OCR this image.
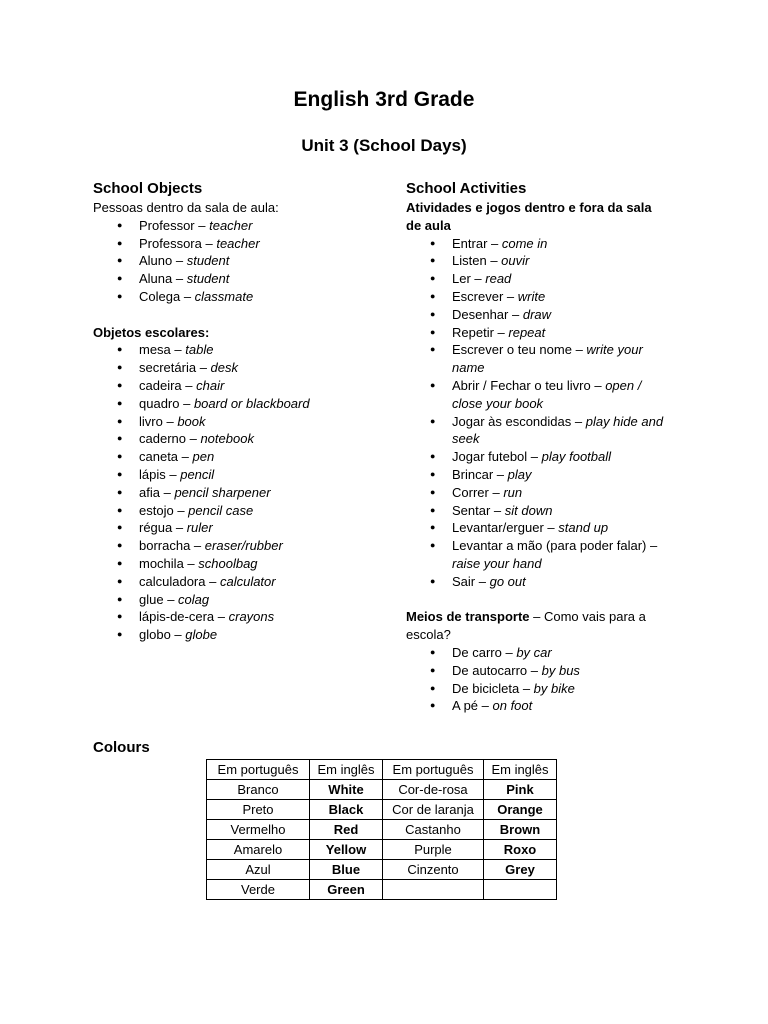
English 3rd Grade
Unit 3 (School Days)
School Objects

Pessoas dentro da sala de aula:

● Professor – teacher
● Professora – teacher
● Aluno – student
● Aluna – student
● Colega – classmate

Objetos escolares:

● mesa – table
● secretária – desk
● cadeira – chair
● quadro – board or blackboard
● livro – book
● caderno – notebook
● caneta – pen
● lápis – pencil
● afia – pencil sharpener
● estojo – pencil case
● régua – ruler
● borracha – eraser/rubber
● mochila – schoolbag
● calculadora – calculator
● glue – colag
● lápis-de-cera – crayons
● globo – globe
School Activities

Atividades e jogos dentro e fora da sala de aula

● Entrar – come in
● Listen – ouvir
● Ler – read
● Escrever – write
● Desenhar – draw
● Repetir – repeat
● Escrever o teu nome – write your name
● Abrir / Fechar o teu livro – open / close your book
● Jogar às escondidas – play hide and seek
● Jogar futebol – play football
● Brincar – play
● Correr – run
● Sentar – sit down
● Levantar/erguer – stand up
● Levantar a mão (para poder falar) – raise your hand
● Sair – go out

Meios de transporte – Como vais para a escola?

● De carro – by car
● De autocarro – by bus
● De bicicleta – by bike
● A pé – on foot
Colours
Em português	Em inglês	Em português	Em inglês
Branco	White	Cor-de-rosa	Pink
Preto	Black	Cor de laranja	Orange
Vermelho	Red	Castanho	Brown
Amarelo	Yellow	Purple	Roxo
Azul	Blue	Cinzento	Grey
Verde	Green		
